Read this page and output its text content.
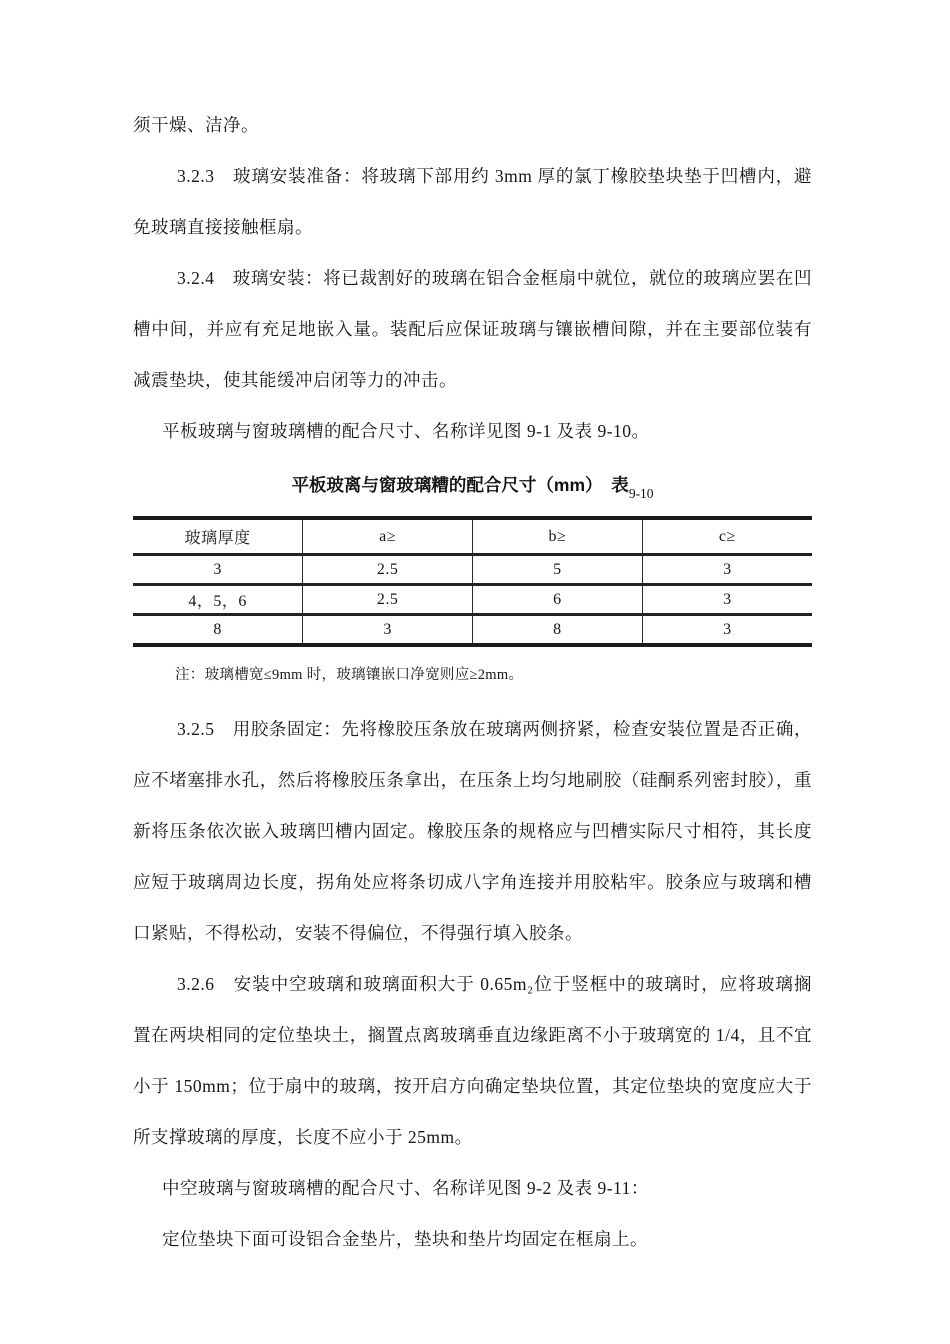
须干燥、洁净。

3.2.3　玻璃安装准备：将玻璃下部用约 3mm 厚的氯丁橡胶垫块垫于凹槽内，避免玻璃直接接触框扇。

3.2.4　玻璃安装：将已裁割好的玻璃在铝合金框扇中就位，就位的玻璃应罢在凹槽中间，并应有充足地嵌入量。装配后应保证玻璃与镶嵌槽间隙，并在主要部位装有减震垫块，使其能缓冲启闭等力的冲击。

平板玻璃与窗玻璃槽的配合尺寸、名称详见图 9-1 及表 9-10。

平板玻离与窗玻璃糟的配合尺寸（mm）　表$_{9-10}$
玻璃厚度	a≥	b≥	c≥
3	2.5	5	3
4，5，6	2.5	6	3
8	3	8	3

注：玻璃槽宽≤9mm 时，玻璃镶嵌口净宽则应≥2mm。

3.2.5　用胶条固定：先将橡胶压条放在玻璃两侧挤紧，检查安装位置是否正确，应不堵塞排水孔，然后将橡胶压条拿出，在压条上均匀地刷胶（硅酮系列密封胶），重新将压条依次嵌入玻璃凹槽内固定。橡胶压条的规格应与凹槽实际尺寸相符，其长度应短于玻璃周边长度，拐角处应将条切成八字角连接并用胶粘牢。胶条应与玻璃和槽口紧贴，不得松动，安装不得偏位，不得强行填入胶条。

3.2.6　安装中空玻璃和玻璃面积大于 0.65m₂位于竖框中的玻璃时，应将玻璃搁置在两块相同的定位垫块土，搁置点离玻璃垂直边缘距离不小于玻璃宽的 1/4，且不宜小于 150mm；位于扇中的玻璃，按开启方向确定垫块位置，其定位垫块的宽度应大于所支撑玻璃的厚度，长度不应小于 25mm。

中空玻璃与窗玻璃槽的配合尺寸、名称详见图 9-2 及表 9-11：

定位垫块下面可设铝合金垫片，垫块和垫片均固定在框扇上。
